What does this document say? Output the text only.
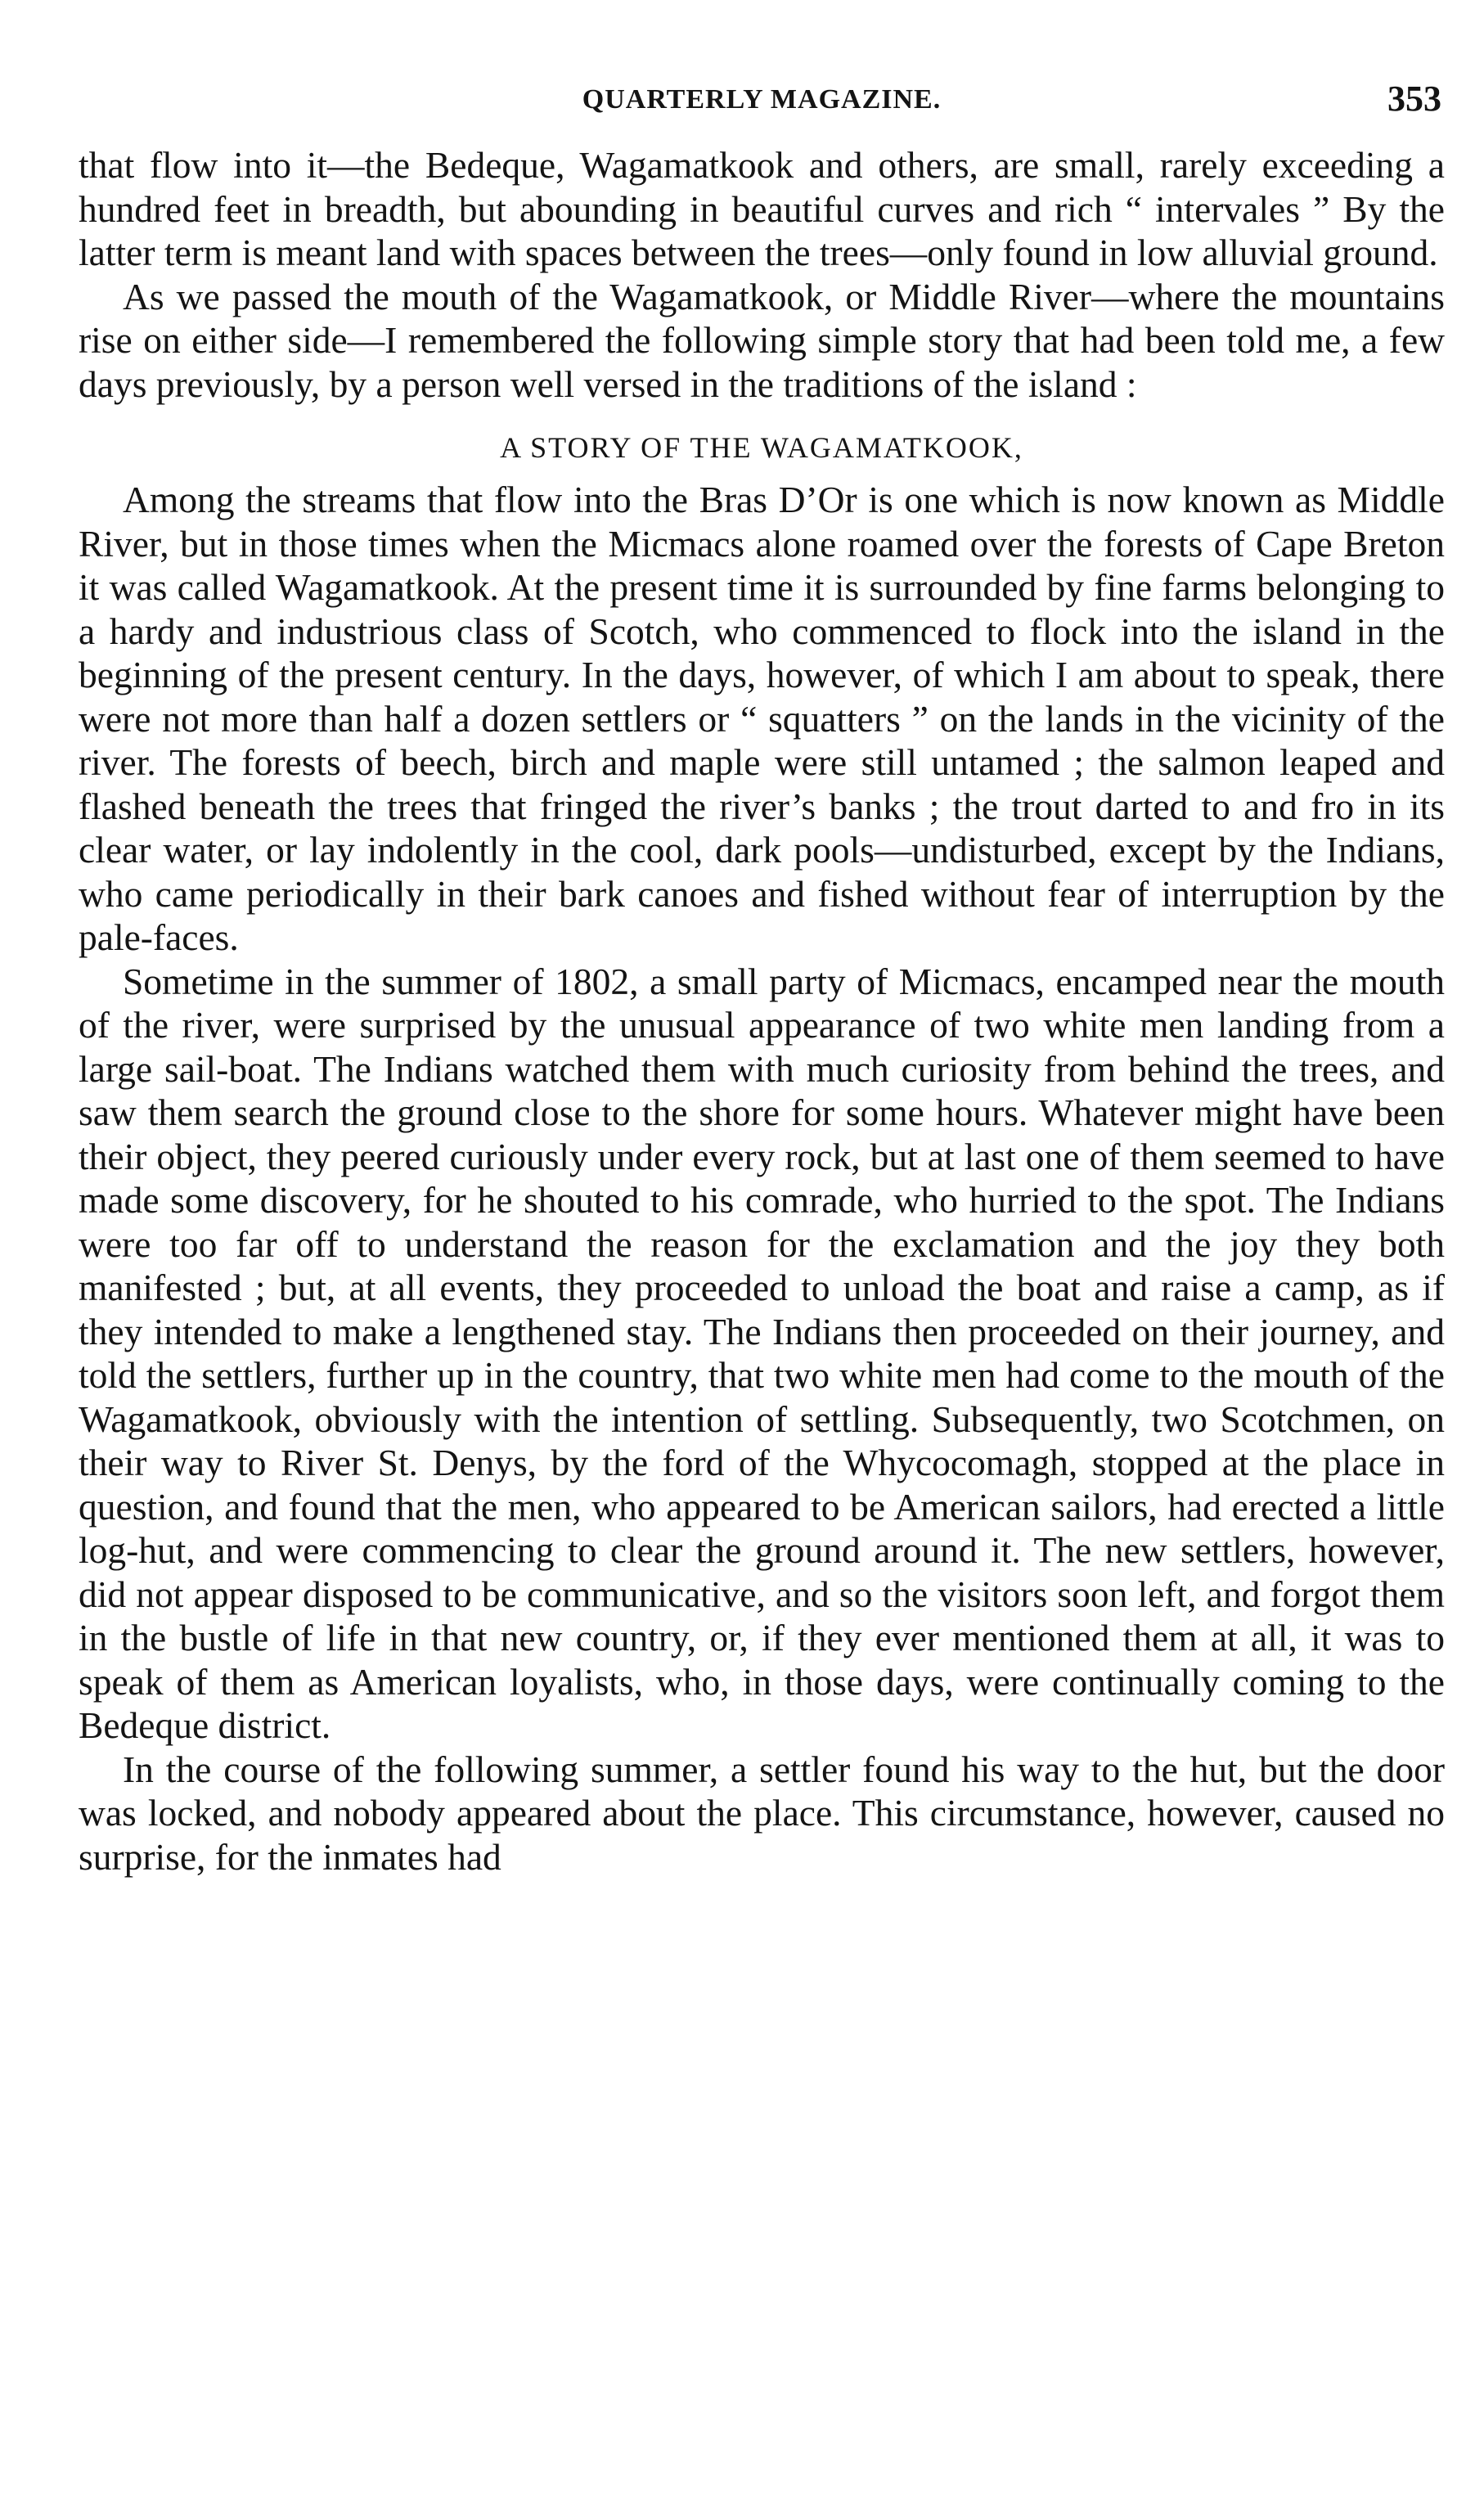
QUARTERLY MAGAZINE.	353

that flow into it—the Bedeque, Wagamatkook and others, are small, rarely exceeding a hundred feet in breadth, but abounding in beautiful curves and rich “ intervales ” By the latter term is meant land with spaces between the trees—only found in low alluvial ground.

As we passed the mouth of the Wagamatkook, or Middle River—where the mountains rise on either side—I remembered the following simple story that had been told me, a few days previously, by a person well versed in the traditions of the island :

A STORY OF THE WAGAMATKOOK,

Among the streams that flow into the Bras D’Or is one which is now known as Middle River, but in those times when the Micmacs alone roamed over the forests of Cape Breton it was called Wagamatkook. At the present time it is surrounded by fine farms belonging to a hardy and industrious class of Scotch, who commenced to flock into the island in the beginning of the present century. In the days, however, of which I am about to speak, there were not more than half a dozen settlers or “ squatters ” on the lands in the vicinity of the river. The forests of beech, birch and maple were still untamed ; the salmon leaped and flashed beneath the trees that fringed the river’s banks ; the trout darted to and fro in its clear water, or lay indolently in the cool, dark pools—undisturbed, except by the Indians, who came periodically in their bark canoes and fished without fear of interruption by the pale-faces.

Sometime in the summer of 1802, a small party of Micmacs, encamped near the mouth of the river, were surprised by the unusual appearance of two white men landing from a large sail-boat. The Indians watched them with much curiosity from behind the trees, and saw them search the ground close to the shore for some hours. Whatever might have been their object, they peered curiously under every rock, but at last one of them seemed to have made some discovery, for he shouted to his comrade, who hurried to the spot. The Indians were too far off to understand the reason for the exclamation and the joy they both manifested ; but, at all events, they proceeded to unload the boat and raise a camp, as if they intended to make a lengthened stay. The Indians then proceeded on their journey, and told the settlers, further up in the country, that two white men had come to the mouth of the Wagamatkook, obviously with the intention of settling. Subsequently, two Scotchmen, on their way to River St. Denys, by the ford of the Whycocomagh, stopped at the place in question, and found that the men, who appeared to be American sailors, had erected a little log-hut, and were commencing to clear the ground around it. The new settlers, however, did not appear disposed to be communicative, and so the visitors soon left, and forgot them in the bustle of life in that new country, or, if they ever mentioned them at all, it was to speak of them as American loyalists, who, in those days, were continually coming to the Bedeque district.

In the course of the following summer, a settler found his way to the hut, but the door was locked, and nobody appeared about the place. This circumstance, however, caused no surprise, for the inmates had
